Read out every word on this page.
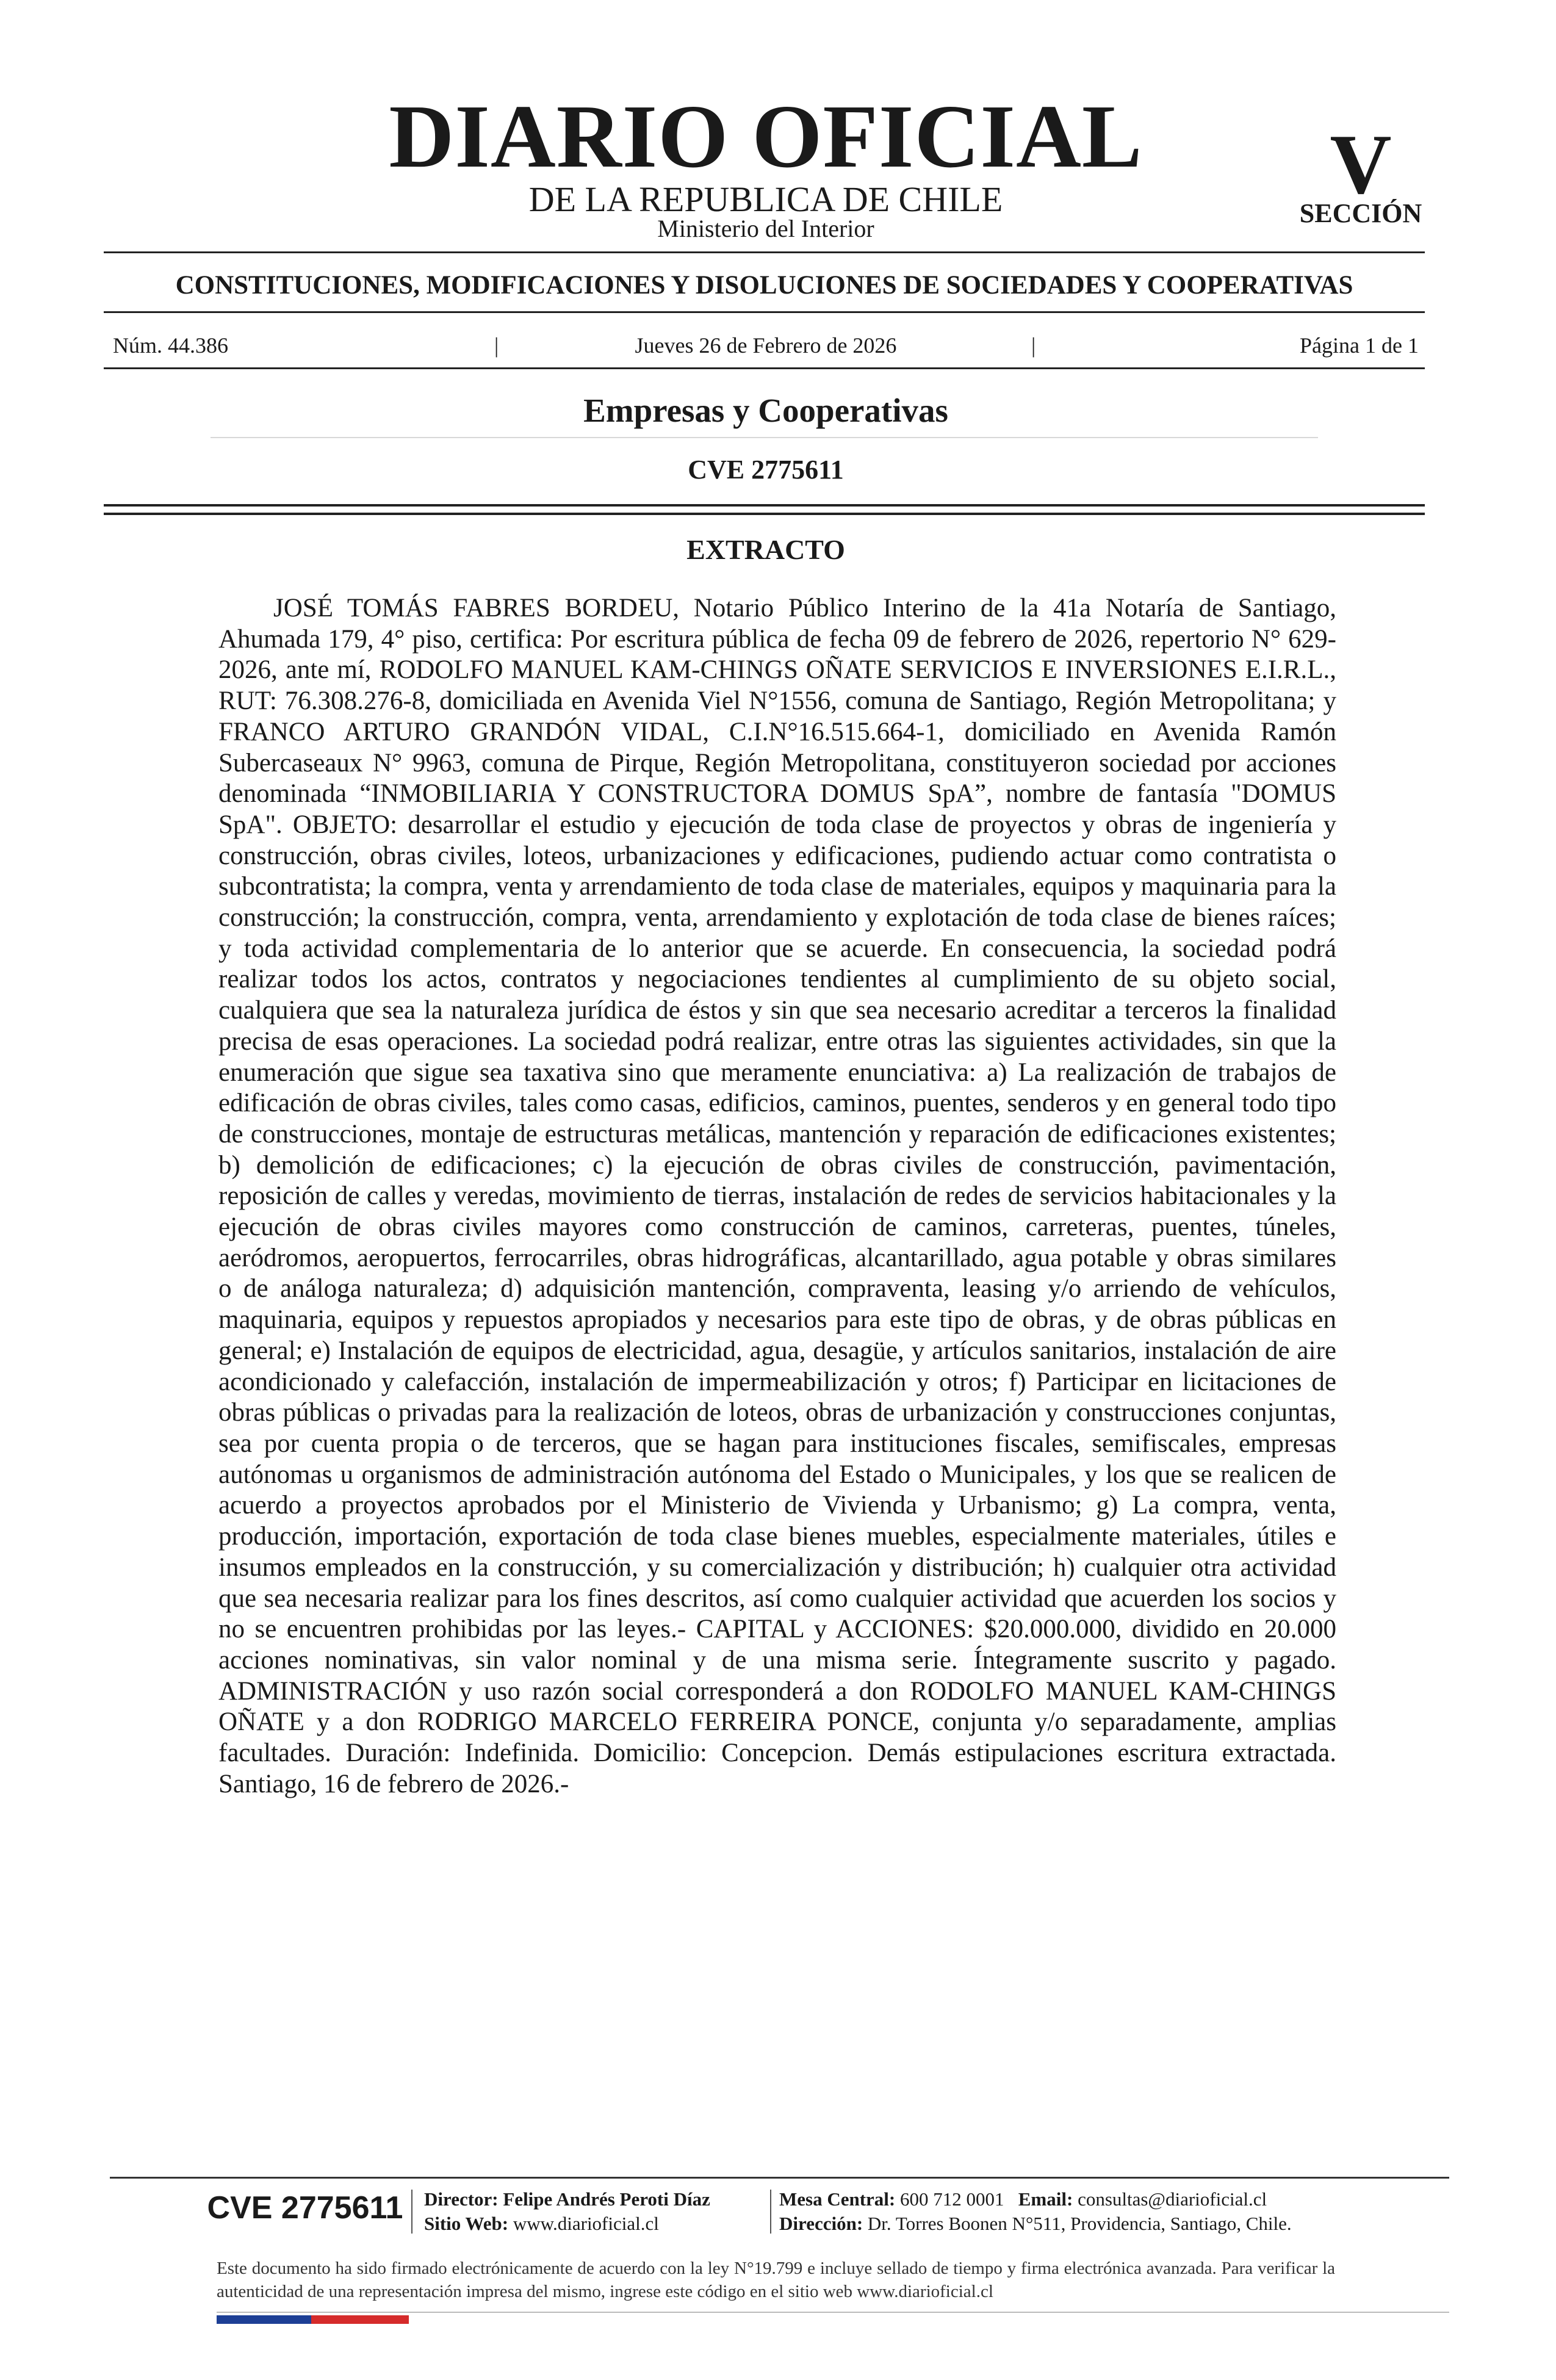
DIARIO OFICIAL
DE LA REPUBLICA DE CHILE
Ministerio del Interior
V
SECCIÓN
CONSTITUCIONES, MODIFICACIONES Y DISOLUCIONES DE SOCIEDADES Y COOPERATIVAS
Núm. 44.386	|	Jueves 26 de Febrero de 2026	|	Página 1 de 1
Empresas y Cooperativas
CVE 2775611
EXTRACTO
JOSÉ TOMÁS FABRES BORDEU, Notario Público Interino de la 41a Notaría de Santiago, Ahumada 179, 4° piso, certifica: Por escritura pública de fecha 09 de febrero de 2026, repertorio N° 629-2026, ante mí, RODOLFO MANUEL KAM-CHINGS OÑATE SERVICIOS E INVERSIONES E.I.R.L., RUT: 76.308.276-8, domiciliada en Avenida Viel N°1556, comuna de Santiago, Región Metropolitana; y FRANCO ARTURO GRANDÓN VIDAL, C.I.N°16.515.664-1, domiciliado en Avenida Ramón Subercaseaux N° 9963, comuna de Pirque, Región Metropolitana, constituyeron sociedad por acciones denominada “INMOBILIARIA Y CONSTRUCTORA DOMUS SpA”, nombre de fantasía "DOMUS SpA". OBJETO: desarrollar el estudio y ejecución de toda clase de proyectos y obras de ingeniería y construcción, obras civiles, loteos, urbanizaciones y edificaciones, pudiendo actuar como contratista o subcontratista; la compra, venta y arrendamiento de toda clase de materiales, equipos y maquinaria para la construcción; la construcción, compra, venta, arrendamiento y explotación de toda clase de bienes raíces; y toda actividad complementaria de lo anterior que se acuerde. En consecuencia, la sociedad podrá realizar todos los actos, contratos y negociaciones tendientes al cumplimiento de su objeto social, cualquiera que sea la naturaleza jurídica de éstos y sin que sea necesario acreditar a terceros la finalidad precisa de esas operaciones. La sociedad podrá realizar, entre otras las siguientes actividades, sin que la enumeración que sigue sea taxativa sino que meramente enunciativa: a) La realización de trabajos de edificación de obras civiles, tales como casas, edificios, caminos, puentes, senderos y en general todo tipo de construcciones, montaje de estructuras metálicas, mantención y reparación de edificaciones existentes; b) demolición de edificaciones; c) la ejecución de obras civiles de construcción, pavimentación, reposición de calles y veredas, movimiento de tierras, instalación de redes de servicios habitacionales y la ejecución de obras civiles mayores como construcción de caminos, carreteras, puentes, túneles, aeródromos, aeropuertos, ferrocarriles, obras hidrográficas, alcantarillado, agua potable y obras similares o de análoga naturaleza; d) adquisición mantención, compraventa, leasing y/o arriendo de vehículos, maquinaria, equipos y repuestos apropiados y necesarios para este tipo de obras, y de obras públicas en general; e) Instalación de equipos de electricidad, agua, desagüe, y artículos sanitarios, instalación de aire acondicionado y calefacción, instalación de impermeabilización y otros; f) Participar en licitaciones de obras públicas o privadas para la realización de loteos, obras de urbanización y construcciones conjuntas, sea por cuenta propia o de terceros, que se hagan para instituciones fiscales, semifiscales, empresas autónomas u organismos de administración autónoma del Estado o Municipales, y los que se realicen de acuerdo a proyectos aprobados por el Ministerio de Vivienda y Urbanismo; g) La compra, venta, producción, importación, exportación de toda clase bienes muebles, especialmente materiales, útiles e insumos empleados en la construcción, y su comercialización y distribución; h) cualquier otra actividad que sea necesaria realizar para los fines descritos, así como cualquier actividad que acuerden los socios y no se encuentren prohibidas por las leyes.- CAPITAL y ACCIONES: $20.000.000, dividido en 20.000 acciones nominativas, sin valor nominal y de una misma serie. Íntegramente suscrito y pagado. ADMINISTRACIÓN y uso razón social corresponderá a don RODOLFO MANUEL KAM-CHINGS OÑATE y a don RODRIGO MARCELO FERREIRA PONCE, conjunta y/o separadamente, amplias facultades. Duración: Indefinida. Domicilio: Concepcion. Demás estipulaciones escritura extractada. Santiago, 16 de febrero de 2026.-
CVE 2775611 Director: Felipe Andrés Peroti Díaz
Sitio Web: www.diarioficial.cl
Mesa Central: 600 712 0001 Email: consultas@diarioficial.cl
Dirección: Dr. Torres Boonen N°511, Providencia, Santiago, Chile.
Este documento ha sido firmado electrónicamente de acuerdo con la ley N°19.799 e incluye sellado de tiempo y firma electrónica avanzada. Para verificar la autenticidad de una representación impresa del mismo, ingrese este código en el sitio web www.diarioficial.cl
